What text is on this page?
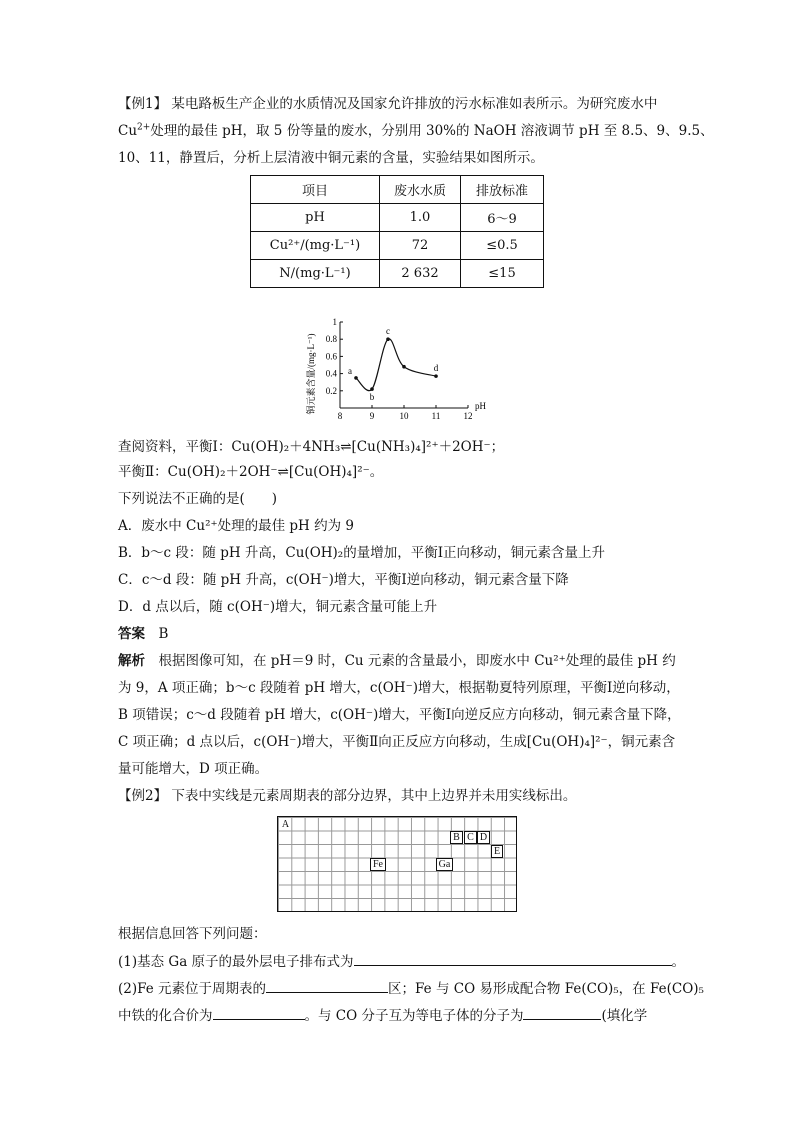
【例1】 某电路板生产企业的水质情况及国家允许排放的污水标准如表所示。为研究废水中
$Cu^{2+}$处理的最佳 pH，取 5 份等量的废水，分别用 30%的 NaOH 溶液调节 pH 至 8.5、9、9.5、
10、11，静置后，分析上层清液中铜元素的含量，实验结果如图所示。
项目	废水水质	排放标准
pH	1.0	6～9
Cu²⁺/(mg·L⁻¹)	72	≤0.5
N/(mg·L⁻¹)	2 632	≤15
铜元素含量/(mg·L⁻¹)	pH
8	9	10	11	12
0.2
0.4
0.6
0.8
1
a
b
c
d
查阅资料，平衡Ⅰ：Cu(OH)₂＋4NH₃⇌[Cu(NH₃)₄]²⁺＋2OH⁻；
平衡Ⅱ：Cu(OH)₂＋2OH⁻⇌[Cu(OH)₄]²⁻。
下列说法不正确的是(　　)
A．废水中 Cu²⁺处理的最佳 pH 约为 9
B．b～c 段：随 pH 升高，Cu(OH)₂的量增加，平衡Ⅰ正向移动，铜元素含量上升
C．c～d 段：随 pH 升高，c(OH⁻)增大，平衡Ⅰ逆向移动，铜元素含量下降
D．d 点以后，随 c(OH⁻)增大，铜元素含量可能上升
答案　 B
解析　 根据图像可知，在 pH＝9 时，Cu 元素的含量最小，即废水中 Cu²⁺处理的最佳 pH 约
为 9，A 项正确；b～c 段随着 pH 增大，c(OH⁻)增大，根据勒夏特列原理，平衡Ⅰ逆向移动，
B 项错误；c～d 段随着 pH 增大，c(OH⁻)增大，平衡Ⅰ向逆反应方向移动，铜元素含量下降，
C 项正确；d 点以后，c(OH⁻)增大，平衡Ⅱ向正反应方向移动，生成[Cu(OH)₄]²⁻，铜元素含
量可能增大，D 项正确。
【例2】 下表中实线是元素周期表的部分边界，其中上边界并未用实线标出。
A
B C D
E
Fe	Ga
根据信息回答下列问题：
(1)基态 Ga 原子的最外层电子排布式为	。
(2)Fe 元素位于周期表的	区；Fe 与 CO 易形成配合物 Fe(CO)₅，在 Fe(CO)₅
中铁的化合价为	。与 CO 分子互为等电子体的分子为	(填化学
